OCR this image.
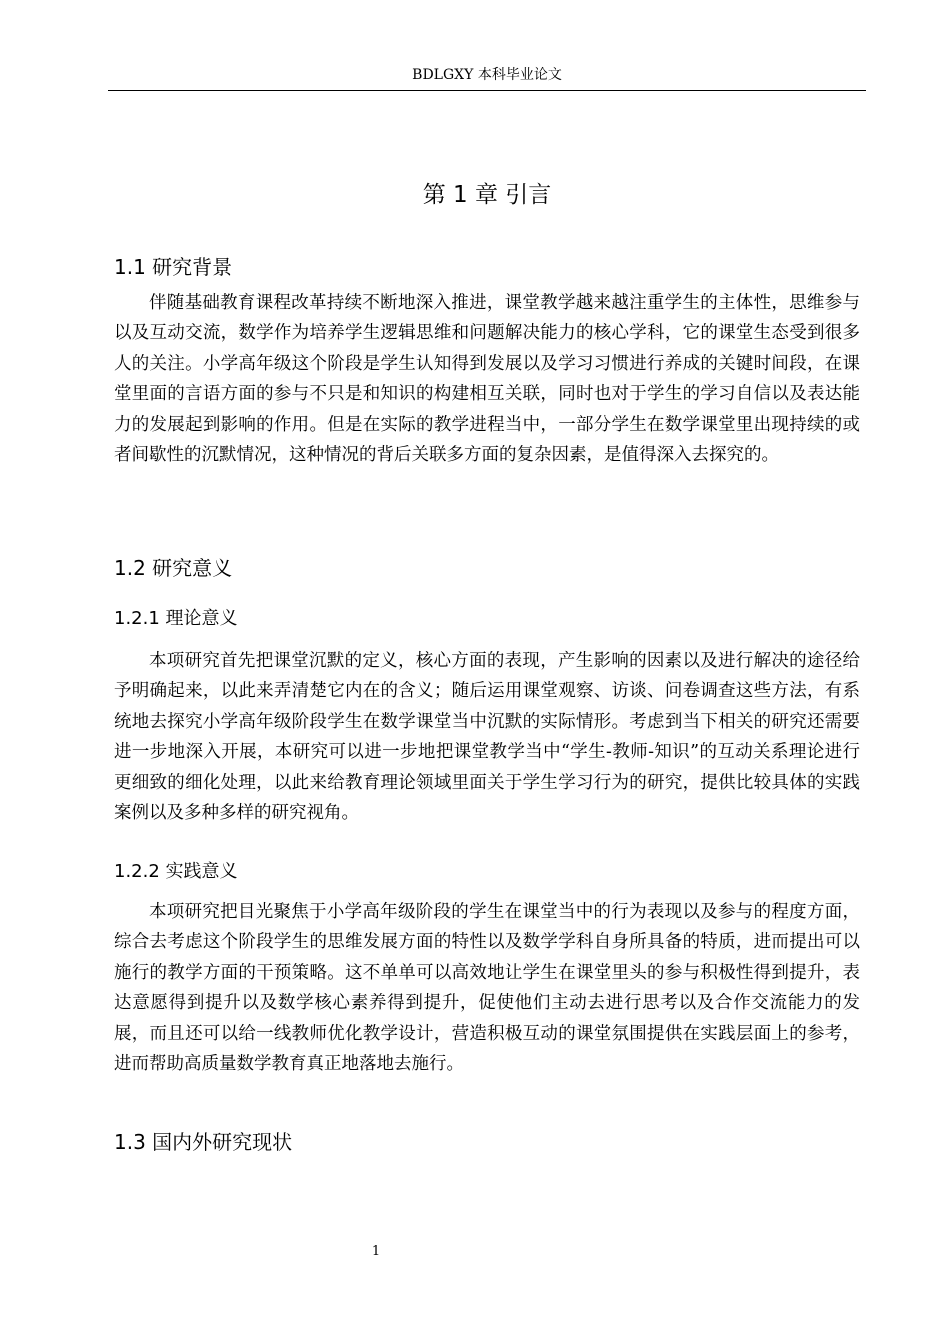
BDLGXY 本科毕业论文
第 1 章 引言
1.1 研究背景
伴随基础教育课程改革持续不断地深入推进，课堂教学越来越注重学生的主体性，思维参与以及互动交流，数学作为培养学生逻辑思维和问题解决能力的核心学科，它的课堂生态受到很多人的关注。小学高年级这个阶段是学生认知得到发展以及学习习惯进行养成的关键时间段，在课堂里面的言语方面的参与不只是和知识的构建相互关联，同时也对于学生的学习自信以及表达能力的发展起到影响的作用。但是在实际的教学进程当中，一部分学生在数学课堂里出现持续的或者间歇性的沉默情况，这种情况的背后关联多方面的复杂因素，是值得深入去探究的。
1.2 研究意义
1.2.1 理论意义
本项研究首先把课堂沉默的定义，核心方面的表现，产生影响的因素以及进行解决的途径给予明确起来，以此来弄清楚它内在的含义；随后运用课堂观察、访谈、问卷调查这些方法，有系统地去探究小学高年级阶段学生在数学课堂当中沉默的实际情形。考虑到当下相关的研究还需要进一步地深入开展，本研究可以进一步地把课堂教学当中“学生-教师-知识”的互动关系理论进行更细致的细化处理，以此来给教育理论领域里面关于学生学习行为的研究，提供比较具体的实践案例以及多种多样的研究视角。
1.2.2 实践意义
本项研究把目光聚焦于小学高年级阶段的学生在课堂当中的行为表现以及参与的程度方面，综合去考虑这个阶段学生的思维发展方面的特性以及数学学科自身所具备的特质，进而提出可以施行的教学方面的干预策略。这不单单可以高效地让学生在课堂里头的参与积极性得到提升，表达意愿得到提升以及数学核心素养得到提升，促使他们主动去进行思考以及合作交流能力的发展，而且还可以给一线教师优化教学设计，营造积极互动的课堂氛围提供在实践层面上的参考，进而帮助高质量数学教育真正地落地去施行。
1.3 国内外研究现状
1
